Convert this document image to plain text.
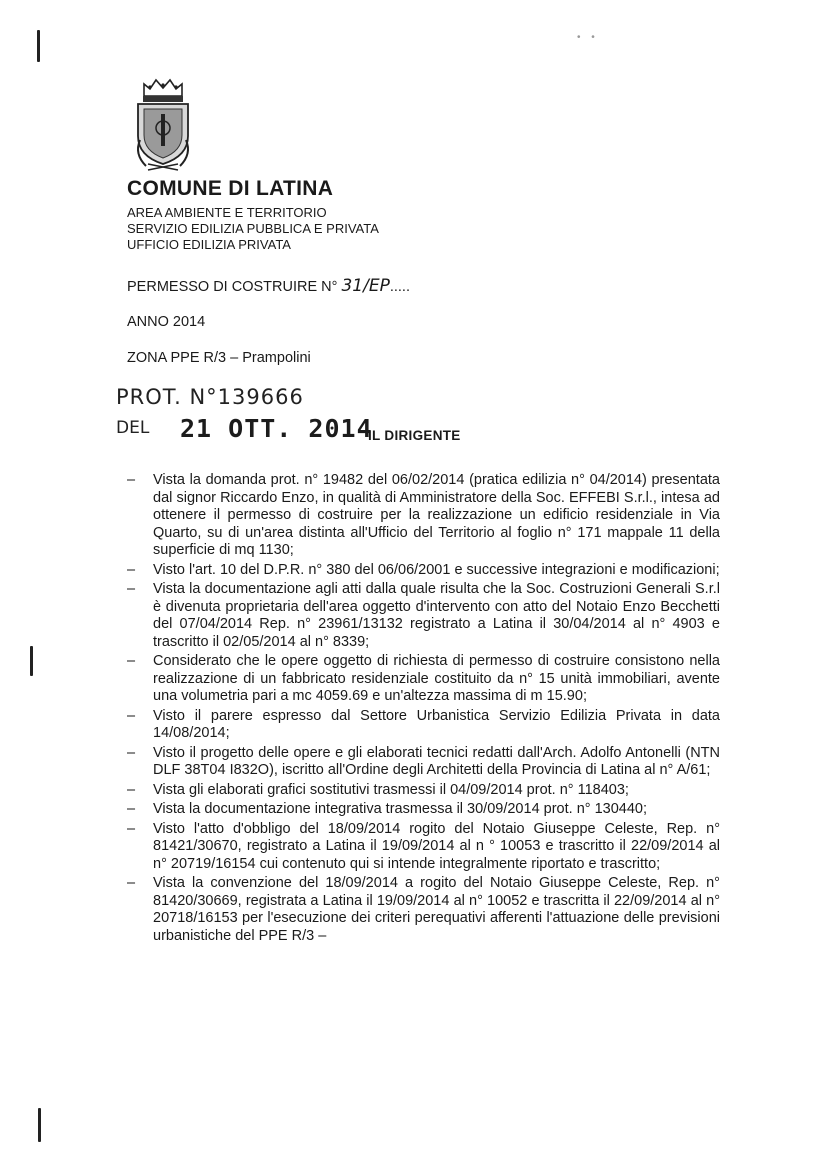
• •

COMUNE DI LATINA

AREA AMBIENTE E TERRITORIO

SERVIZIO EDILIZIA PUBBLICA E PRIVATA

UFFICIO EDILIZIA PRIVATA

PERMESSO DI COSTRUIRE N° 31/EP.....
ANNO 2014
ZONA PPE R/3 – Prampolini
PROT. N°139666
DEL 21 OTT. 2014
IL DIRIGENTE
– Vista la domanda prot. n° 19482 del 06/02/2014 (pratica edilizia n° 04/2014) presentata dal signor Riccardo Enzo, in qualità di Amministratore della Soc. EFFEBI S.r.l., intesa ad ottenere il permesso di costruire per la realizzazione un edificio residenziale in Via Quarto, su di un'area distinta all'Ufficio del Territorio al foglio n° 171 mappale 11 della superficie di mq 1130;
– Visto l'art. 10 del D.P.R. n° 380 del 06/06/2001 e successive integrazioni e modificazioni;
– Vista la documentazione agli atti dalla quale risulta che la Soc. Costruzioni Generali S.r.l è divenuta proprietaria dell'area oggetto d'intervento con atto del Notaio Enzo Becchetti del 07/04/2014 Rep. n° 23961/13132 registrato a Latina il 30/04/2014 al n° 4903 e trascritto il 02/05/2014 al n° 8339;
– Considerato che le opere oggetto di richiesta di permesso di costruire consistono nella realizzazione di un fabbricato residenziale costituito da n° 15 unità immobiliari, avente una volumetria pari a mc 4059.69 e un'altezza massima di m 15.90;
– Visto il parere espresso dal Settore Urbanistica Servizio Edilizia Privata in data 14/08/2014;
– Visto il progetto delle opere e gli elaborati tecnici redatti dall'Arch. Adolfo Antonelli (NTN DLF 38T04 I832O), iscritto all'Ordine degli Architetti della Provincia di Latina al n° A/61;
– Vista gli elaborati grafici sostitutivi trasmessi il 04/09/2014 prot. n° 118403;
– Vista la documentazione integrativa trasmessa il 30/09/2014 prot. n° 130440;
– Visto l'atto d'obbligo del 18/09/2014 rogito del Notaio Giuseppe Celeste, Rep. n° 81421/30670, registrato a Latina il 19/09/2014 al n ° 10053 e trascritto il 22/09/2014 al n° 20719/16154 cui contenuto qui si intende integralmente riportato e trascritto;
– Vista la convenzione del 18/09/2014 a rogito del Notaio Giuseppe Celeste, Rep. n° 81420/30669, registrata a Latina il 19/09/2014 al n° 10052 e trascritta il 22/09/2014 al n° 20718/16153 per l'esecuzione dei criteri perequativi afferenti l'attuazione delle previsioni urbanistiche del PPE R/3 –
